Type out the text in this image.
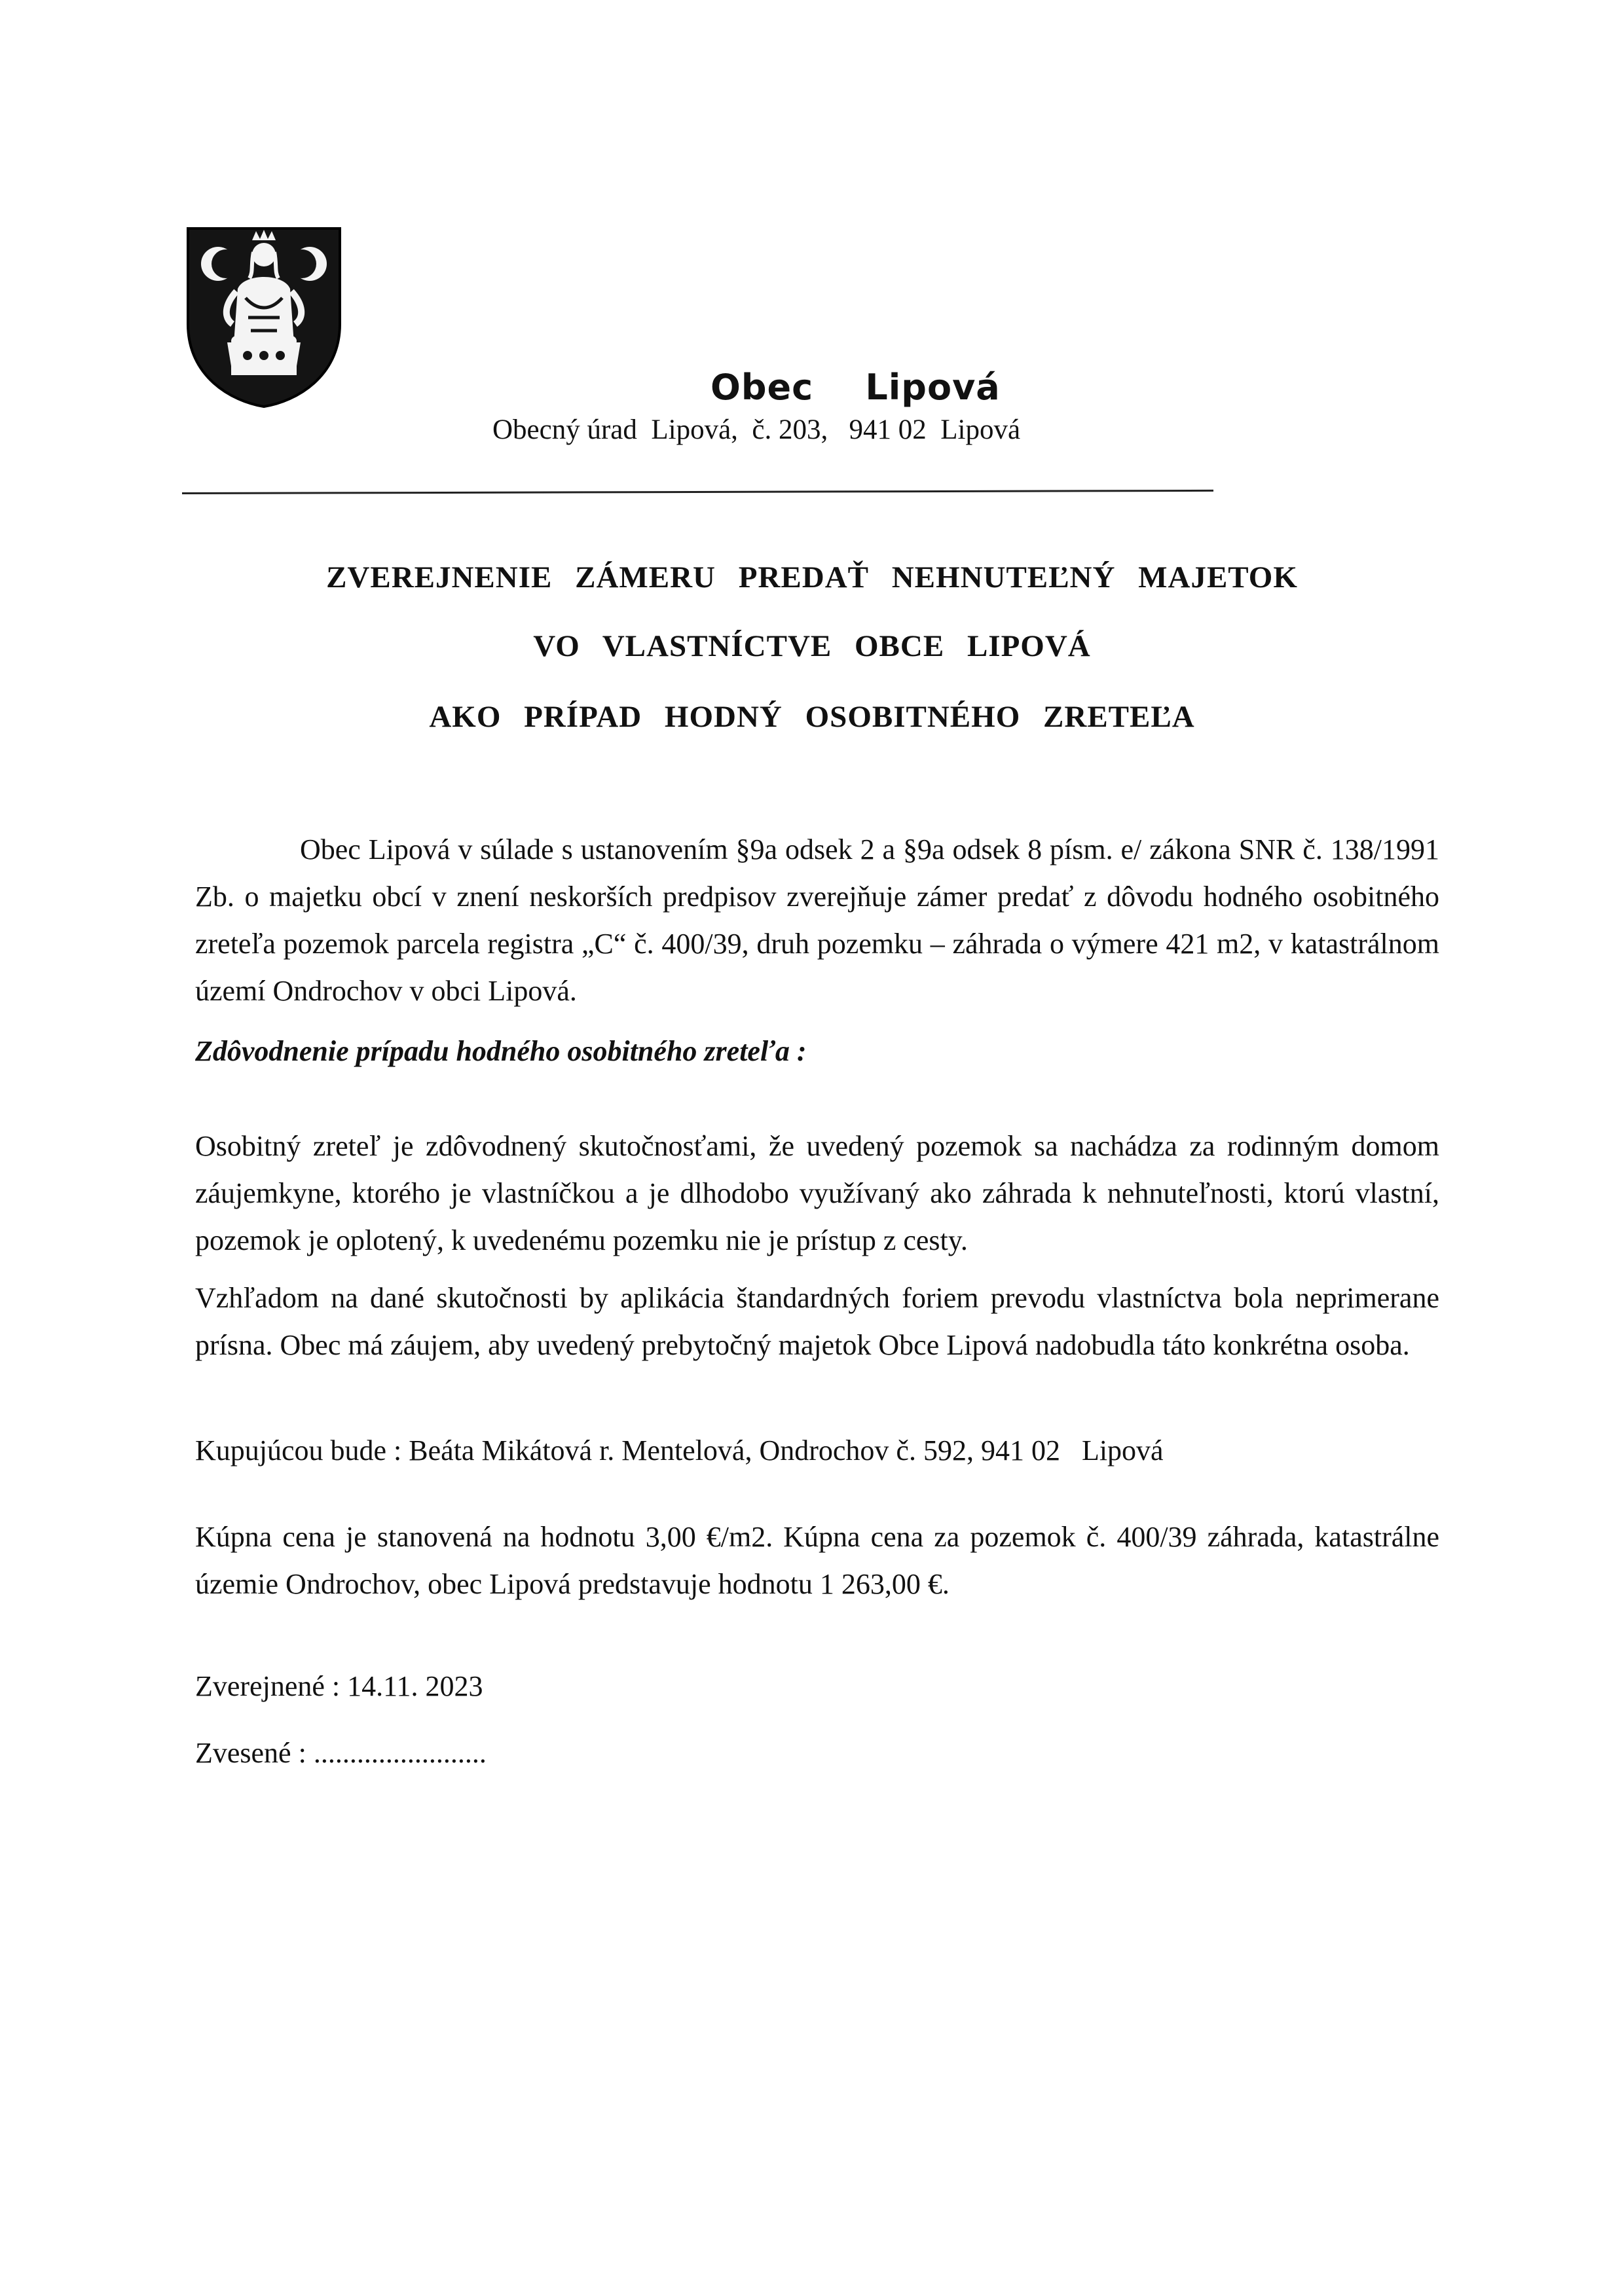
Obec    Lipová
Obecný úrad  Lipová,  č. 203,   941 02  Lipová
ZVEREJNENIE ZÁMERU PREDAŤ NEHNUTEĽNÝ MAJETOK
VO VLASTNÍCTVE OBCE LIPOVÁ
AKO PRÍPAD HODNÝ OSOBITNÉHO ZRETEĽA
Obec Lipová v súlade s ustanovením §9a odsek 2 a §9a odsek 8 písm. e/ zákona SNR č. 138/1991 Zb. o majetku obcí v znení neskorších predpisov zverejňuje zámer predať z dôvodu hodného osobitného zreteľa pozemok parcela registra „C“ č. 400/39, druh pozemku – záhrada o výmere 421 m2, v katastrálnom území Ondrochov v obci Lipová.
Zdôvodnenie prípadu hodného osobitného zreteľa :
Osobitný zreteľ je zdôvodnený skutočnosťami, že uvedený pozemok sa nachádza za rodinným domom záujemkyne, ktorého je vlastníčkou a je dlhodobo využívaný ako záhrada k nehnuteľnosti, ktorú vlastní, pozemok je oplotený, k uvedenému pozemku nie je prístup z cesty.
Vzhľadom na dané skutočnosti by aplikácia štandardných foriem prevodu vlastníctva bola neprimerane prísna. Obec má záujem, aby uvedený prebytočný majetok Obce Lipová nadobudla táto konkrétna osoba.
Kupujúcou bude : Beáta Mikátová r. Mentelová, Ondrochov č. 592, 941 02   Lipová
Kúpna cena je stanovená na hodnotu 3,00 €/m2. Kúpna cena za pozemok č. 400/39 záhrada, katastrálne územie Ondrochov, obec Lipová predstavuje hodnotu 1 263,00 €.
Zverejnené : 14.11. 2023
Zvesené : ........................
